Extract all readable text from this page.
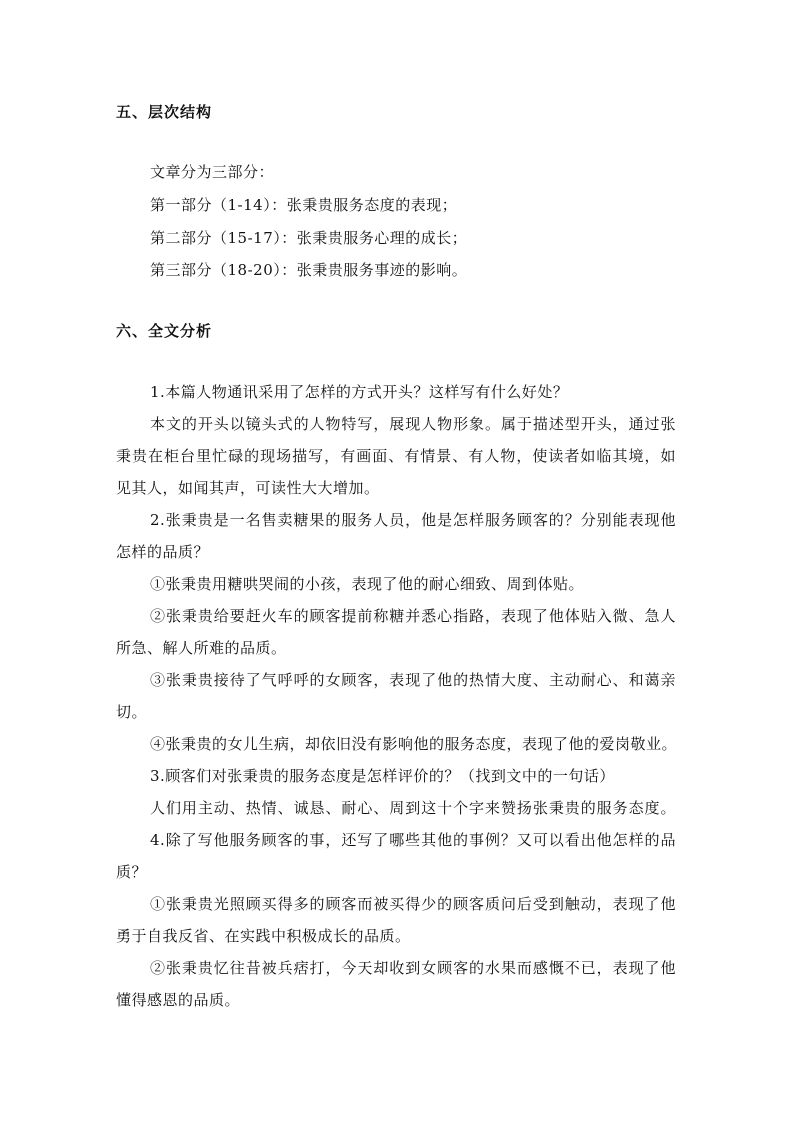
五、层次结构
文章分为三部分：
第一部分（1-14）：张秉贵服务态度的表现；
第二部分（15-17）：张秉贵服务心理的成长；
第三部分（18-20）：张秉贵服务事迹的影响。
六、全文分析
1.本篇人物通讯采用了怎样的方式开头？这样写有什么好处？
本文的开头以镜头式的人物特写，展现人物形象。属于描述型开头，通过张
秉贵在柜台里忙碌的现场描写，有画面、有情景、有人物，使读者如临其境，如
见其人，如闻其声，可读性大大增加。
2.张秉贵是一名售卖糖果的服务人员，他是怎样服务顾客的？分别能表现他
怎样的品质？
①张秉贵用糖哄哭闹的小孩，表现了他的耐心细致、周到体贴。
②张秉贵给要赶火车的顾客提前称糖并悉心指路，表现了他体贴入微、急人
所急、解人所难的品质。
③张秉贵接待了气呼呼的女顾客，表现了他的热情大度、主动耐心、和蔼亲
切。
④张秉贵的女儿生病，却依旧没有影响他的服务态度，表现了他的爱岗敬业。
3.顾客们对张秉贵的服务态度是怎样评价的？（找到文中的一句话）
人们用主动、热情、诚恳、耐心、周到这十个字来赞扬张秉贵的服务态度。
4.除了写他服务顾客的事，还写了哪些其他的事例？又可以看出他怎样的品
质？
①张秉贵光照顾买得多的顾客而被买得少的顾客质问后受到触动，表现了他
勇于自我反省、在实践中积极成长的品质。
②张秉贵忆往昔被兵痞打，今天却收到女顾客的水果而感慨不已，表现了他
懂得感恩的品质。
